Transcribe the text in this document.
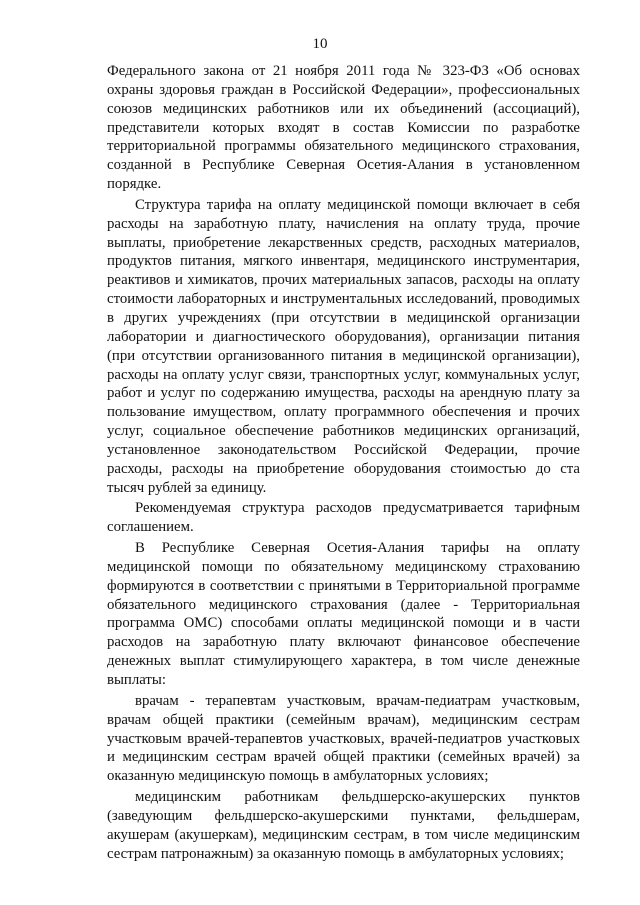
10

Федерального закона от 21 ноября 2011 года № 323-ФЗ «Об основах охраны здоровья граждан в Российской Федерации», профессиональных союзов медицинских работников или их объединений (ассоциаций), представители которых входят в состав Комиссии по разработке территориальной программы обязательного медицинского страхования, созданной в Республике Северная Осетия-Алания в установленном порядке.

Структура тарифа на оплату медицинской помощи включает в себя расходы на заработную плату, начисления на оплату труда, прочие выплаты, приобретение лекарственных средств, расходных материалов, продуктов питания, мягкого инвентаря, медицинского инструментария, реактивов и химикатов, прочих материальных запасов, расходы на оплату стоимости лабораторных и инструментальных исследований, проводимых в других учреждениях (при отсутствии в медицинской организации лаборатории и диагностического оборудования), организации питания (при отсутствии организованного питания в медицинской организации), расходы на оплату услуг связи, транспортных услуг, коммунальных услуг, работ и услуг по содержанию имущества, расходы на арендную плату за пользование имуществом, оплату программного обеспечения и прочих услуг, социальное обеспечение работников медицинских организаций, установленное законодательством Российской Федерации, прочие расходы, расходы на приобретение оборудования стоимостью до ста тысяч рублей за единицу.

Рекомендуемая структура расходов предусматривается тарифным соглашением.

В Республике Северная Осетия-Алания тарифы на оплату медицинской помощи по обязательному медицинскому страхованию формируются в соответствии с принятыми в Территориальной программе обязательного медицинского страхования (далее - Территориальная программа ОМС) способами оплаты медицинской помощи и в части расходов на заработную плату включают финансовое обеспечение денежных выплат стимулирующего характера, в том числе денежные выплаты:

врачам - терапевтам участковым, врачам-педиатрам участковым, врачам общей практики (семейным врачам), медицинским сестрам участковым врачей-терапевтов участковых, врачей-педиатров участковых и медицинским сестрам врачей общей практики (семейных врачей) за оказанную медицинскую помощь в амбулаторных условиях;

медицинским работникам фельдшерско-акушерских пунктов (заведующим фельдшерско-акушерскими пунктами, фельдшерам, акушерам (акушеркам), медицинским сестрам, в том числе медицинским сестрам патронажным) за оказанную помощь в амбулаторных условиях;
